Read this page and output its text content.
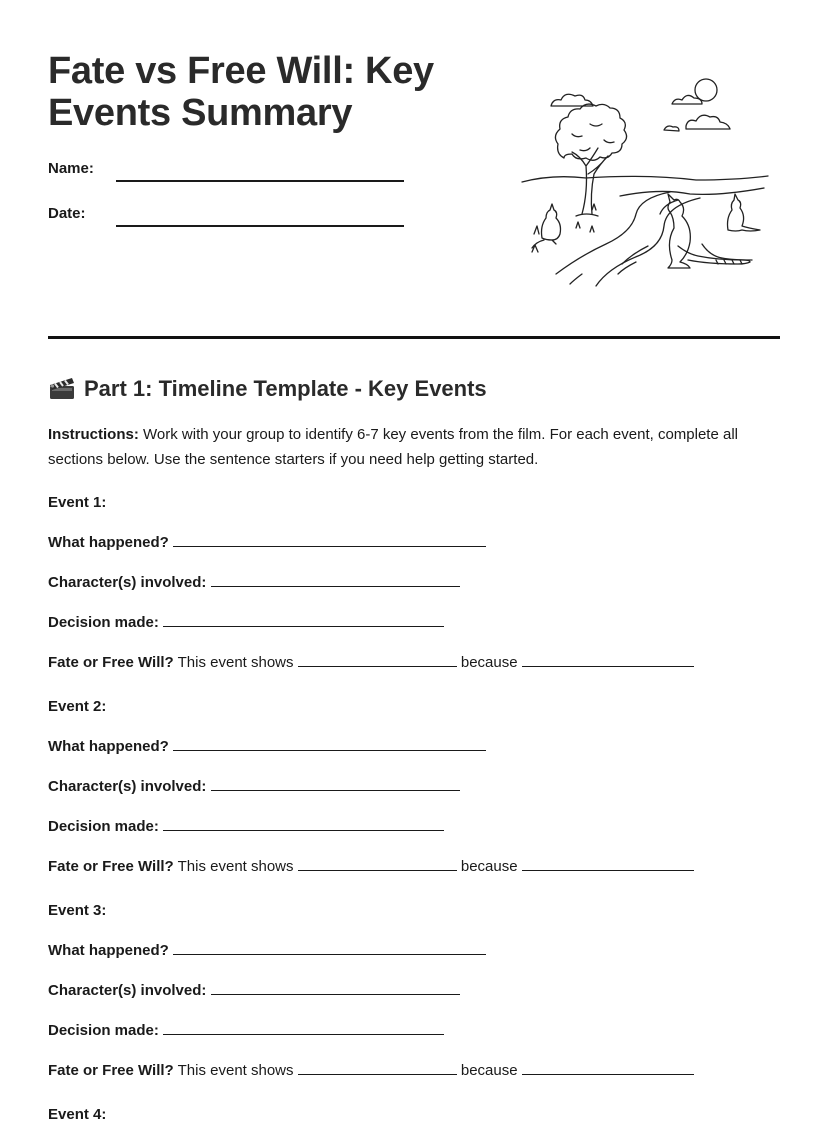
Fate vs Free Will: Key Events Summary
Name:
Date:
Part 1: Timeline Template - Key Events

Instructions: Work with your group to identify 6-7 key events from the film. For each event, complete all sections below. Use the sentence starters if you need help getting started.

Event 1:
What happened?
Character(s) involved:
Decision made:
Fate or Free Will? This event shows	because
Event 2:
What happened?
Character(s) involved:
Decision made:
Fate or Free Will? This event shows	because
Event 3:
What happened?
Character(s) involved:
Decision made:
Fate or Free Will? This event shows	because
Event 4:
